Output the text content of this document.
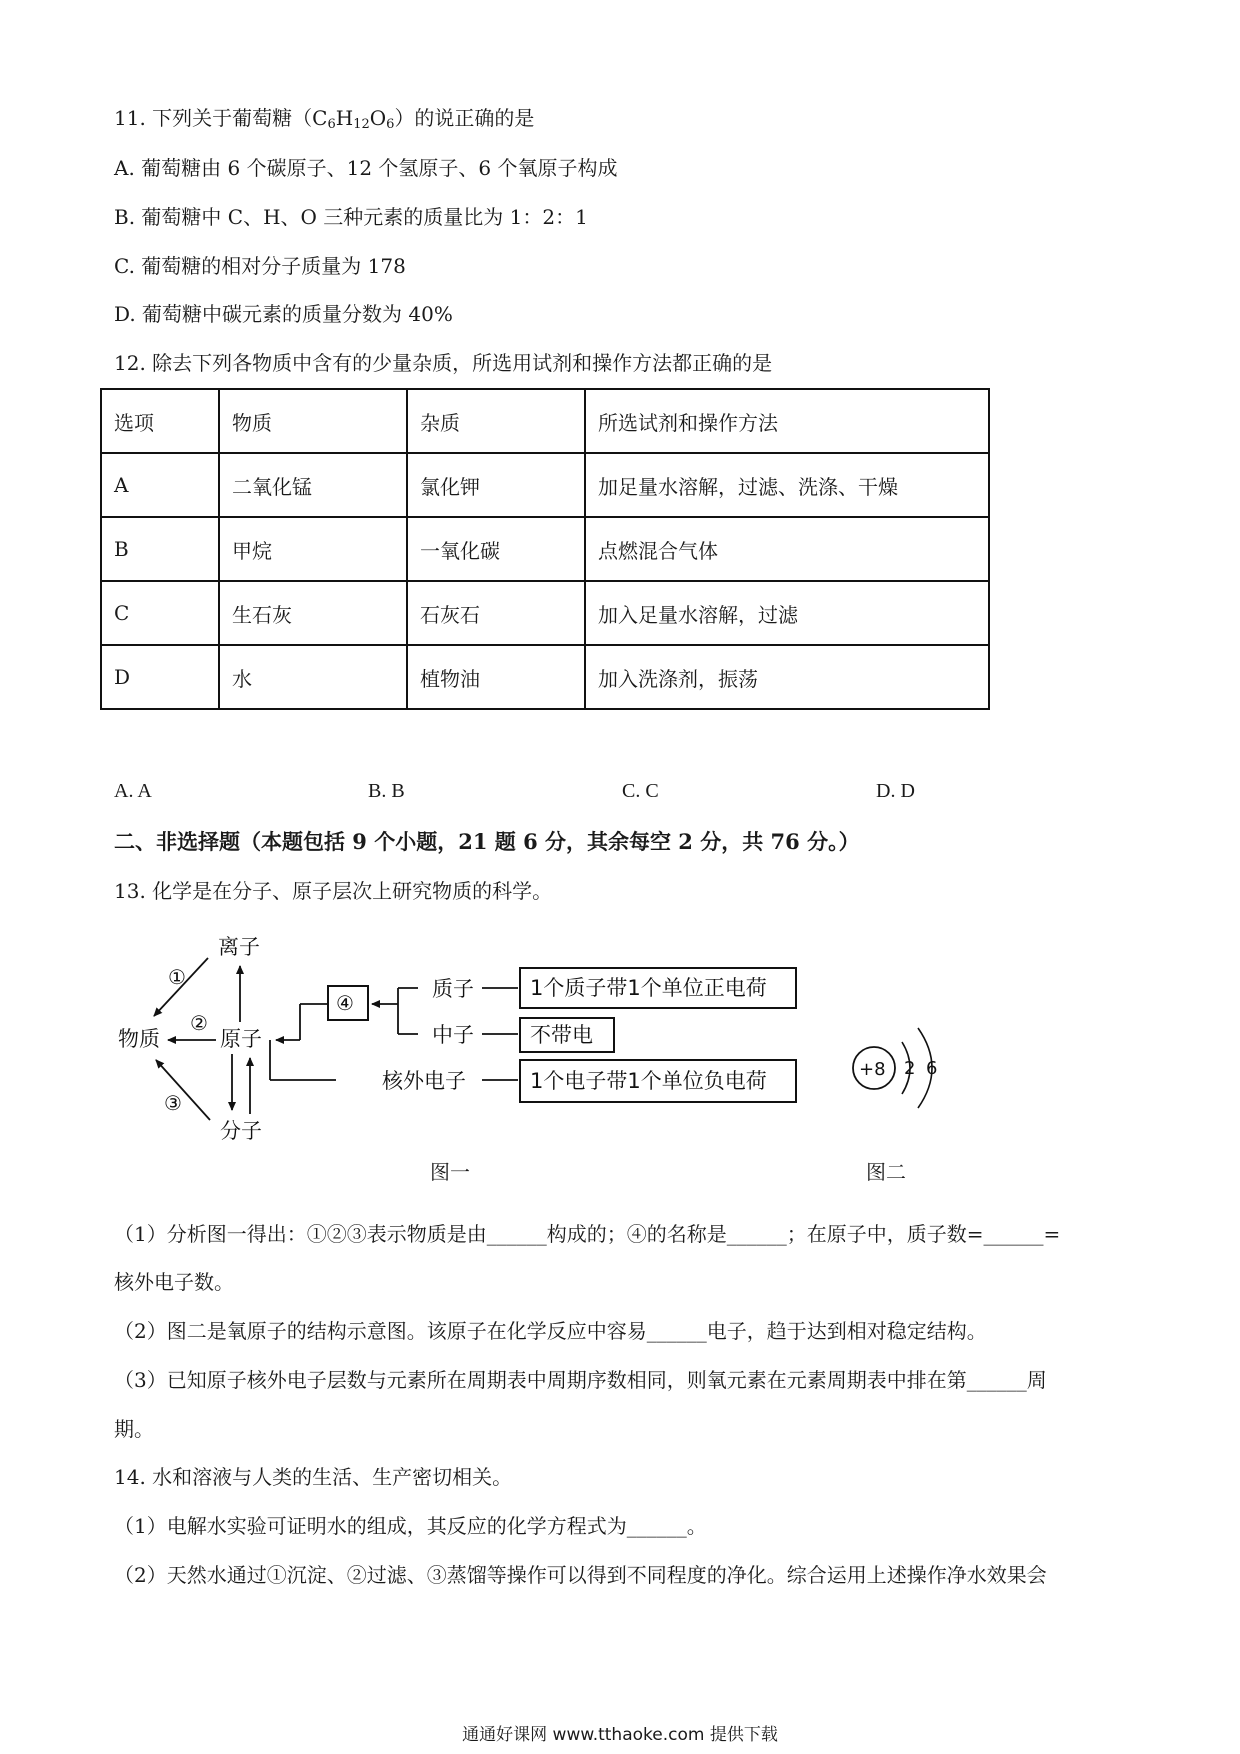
11. 下列关于葡萄糖$(C_6H_{12}O_6)$的说正确的是
A. 葡萄糖由 6 个碳原子、12 个氢原子、6 个氧原子构成
B. 葡萄糖中 C、H、O 三种元素的质量比为 1：2：1
C. 葡萄糖的相对分子质量为 178
D. 葡萄糖中碳元素的质量分数为 40%
12. 除去下列各物质中含有的少量杂质，所选用试剂和操作方法都正确的是
选项	物质	杂质	所选试剂和操作方法
A	二氧化锰	氯化钾	加足量水溶解，过滤、洗涤、干燥
B	甲烷	一氧化碳	点燃混合气体
C	生石灰	石灰石	加入足量水溶解，过滤
D	水	植物油	加入洗涤剂，振荡
A. A	B. B	C. C	D. D
二、非选择题（本题包括 9 个小题，21 题 6 分，其余每空 2 分，共 76 分。）
13. 化学是在分子、原子层次上研究物质的科学。
离子
物质	原子
分子
①
②
③
④
质子
中子
核外电子
1个质子带1个单位正电荷
不带电
1个电子带1个单位负电荷	+8 2 6
图一	图二
（1）分析图一得出：①②③表示物质是由______构成的；④的名称是______；在原子中，质子数=______=
核外电子数。
（2）图二是氧原子的结构示意图。该原子在化学反应中容易______电子，趋于达到相对稳定结构。
（3）已知原子核外电子层数与元素所在周期表中周期序数相同，则氧元素在元素周期表中排在第______周
期。
14. 水和溶液与人类的生活、生产密切相关。
（1）电解水实验可证明水的组成，其反应的化学方程式为______。
（2）天然水通过①沉淀、②过滤、③蒸馏等操作可以得到不同程度的净化。综合运用上述操作净水效果会
通通好课网 www.tthaoke.com 提供下载
